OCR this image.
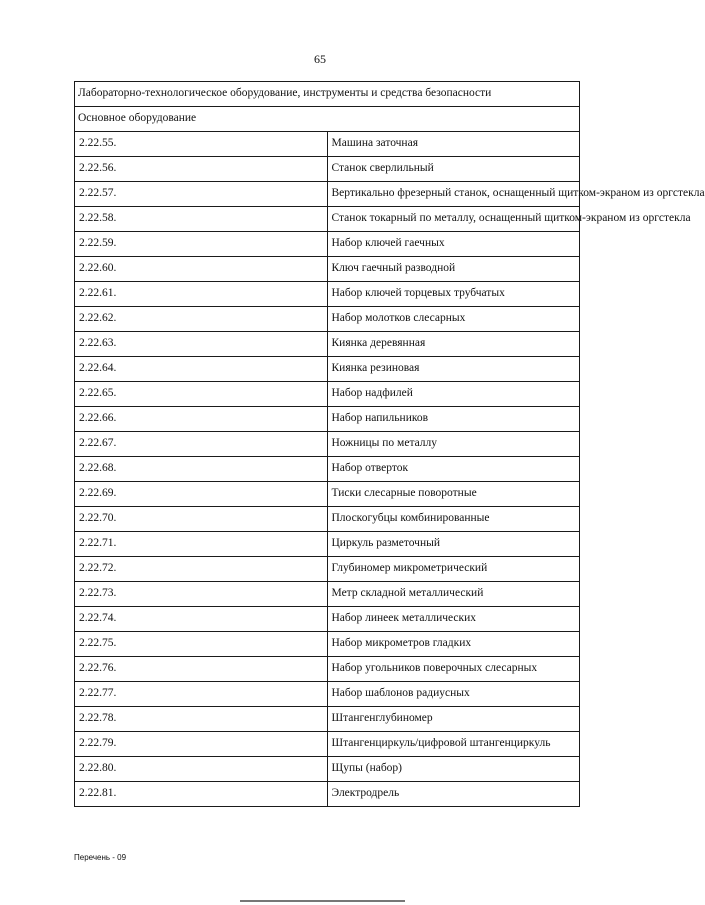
65
Лабораторно-технологическое оборудование, инструменты и средства безопасности	
Основное оборудование	
2.22.55.	Машина заточная
2.22.56.	Станок сверлильный
2.22.57.	Вертикально фрезерный станок, оснащенный щитком-экраном из оргстекла
2.22.58.	Станок токарный по металлу, оснащенный щитком-экраном из оргстекла
2.22.59.	Набор ключей гаечных
2.22.60.	Ключ гаечный разводной
2.22.61.	Набор ключей торцевых трубчатых
2.22.62.	Набор молотков слесарных
2.22.63.	Киянка деревянная
2.22.64.	Киянка резиновая
2.22.65.	Набор надфилей
2.22.66.	Набор напильников
2.22.67.	Ножницы по металлу
2.22.68.	Набор отверток
2.22.69.	Тиски слесарные поворотные
2.22.70.	Плоскогубцы комбинированные
2.22.71.	Циркуль разметочный
2.22.72.	Глубиномер микрометрический
2.22.73.	Метр складной металлический
2.22.74.	Набор линеек металлических
2.22.75.	Набор микрометров гладких
2.22.76.	Набор угольников поверочных слесарных
2.22.77.	Набор шаблонов радиусных
2.22.78.	Штангенглубиномер
2.22.79.	Штангенциркуль/цифровой штангенциркуль
2.22.80.	Щупы (набор)
2.22.81.	Электродрель
Перечень - 09
